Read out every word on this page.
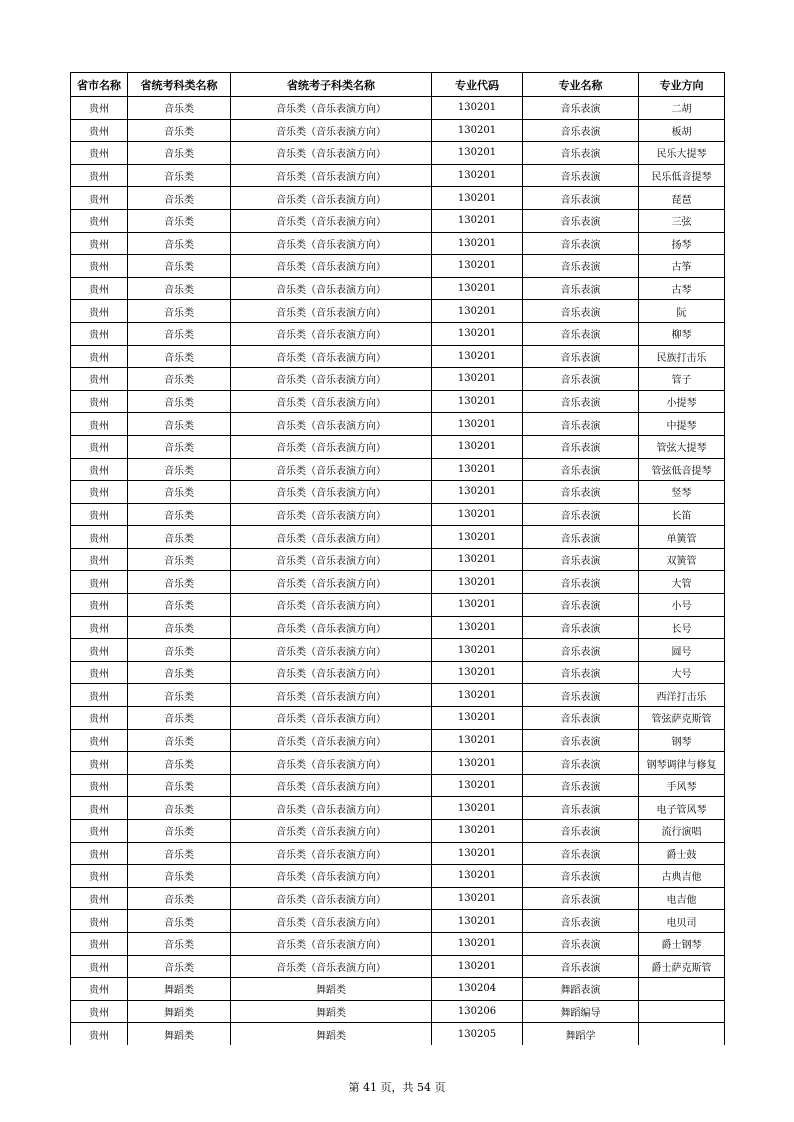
省市名称	省统考科类名称	省统考子科类名称	专业代码	专业名称	专业方向
贵州	音乐类	音乐类（音乐表演方向）	130201	音乐表演	二胡
贵州	音乐类	音乐类（音乐表演方向）	130201	音乐表演	板胡
贵州	音乐类	音乐类（音乐表演方向）	130201	音乐表演	民乐大提琴
贵州	音乐类	音乐类（音乐表演方向）	130201	音乐表演	民乐低音提琴
贵州	音乐类	音乐类（音乐表演方向）	130201	音乐表演	琵琶
贵州	音乐类	音乐类（音乐表演方向）	130201	音乐表演	三弦
贵州	音乐类	音乐类（音乐表演方向）	130201	音乐表演	扬琴
贵州	音乐类	音乐类（音乐表演方向）	130201	音乐表演	古筝
贵州	音乐类	音乐类（音乐表演方向）	130201	音乐表演	古琴
贵州	音乐类	音乐类（音乐表演方向）	130201	音乐表演	阮
贵州	音乐类	音乐类（音乐表演方向）	130201	音乐表演	柳琴
贵州	音乐类	音乐类（音乐表演方向）	130201	音乐表演	民族打击乐
贵州	音乐类	音乐类（音乐表演方向）	130201	音乐表演	管子
贵州	音乐类	音乐类（音乐表演方向）	130201	音乐表演	小提琴
贵州	音乐类	音乐类（音乐表演方向）	130201	音乐表演	中提琴
贵州	音乐类	音乐类（音乐表演方向）	130201	音乐表演	管弦大提琴
贵州	音乐类	音乐类（音乐表演方向）	130201	音乐表演	管弦低音提琴
贵州	音乐类	音乐类（音乐表演方向）	130201	音乐表演	竖琴
贵州	音乐类	音乐类（音乐表演方向）	130201	音乐表演	长笛
贵州	音乐类	音乐类（音乐表演方向）	130201	音乐表演	单簧管
贵州	音乐类	音乐类（音乐表演方向）	130201	音乐表演	双簧管
贵州	音乐类	音乐类（音乐表演方向）	130201	音乐表演	大管
贵州	音乐类	音乐类（音乐表演方向）	130201	音乐表演	小号
贵州	音乐类	音乐类（音乐表演方向）	130201	音乐表演	长号
贵州	音乐类	音乐类（音乐表演方向）	130201	音乐表演	圆号
贵州	音乐类	音乐类（音乐表演方向）	130201	音乐表演	大号
贵州	音乐类	音乐类（音乐表演方向）	130201	音乐表演	西洋打击乐
贵州	音乐类	音乐类（音乐表演方向）	130201	音乐表演	管弦萨克斯管
贵州	音乐类	音乐类（音乐表演方向）	130201	音乐表演	钢琴
贵州	音乐类	音乐类（音乐表演方向）	130201	音乐表演	钢琴调律与修复
贵州	音乐类	音乐类（音乐表演方向）	130201	音乐表演	手风琴
贵州	音乐类	音乐类（音乐表演方向）	130201	音乐表演	电子管风琴
贵州	音乐类	音乐类（音乐表演方向）	130201	音乐表演	流行演唱
贵州	音乐类	音乐类（音乐表演方向）	130201	音乐表演	爵士鼓
贵州	音乐类	音乐类（音乐表演方向）	130201	音乐表演	古典吉他
贵州	音乐类	音乐类（音乐表演方向）	130201	音乐表演	电吉他
贵州	音乐类	音乐类（音乐表演方向）	130201	音乐表演	电贝司
贵州	音乐类	音乐类（音乐表演方向）	130201	音乐表演	爵士钢琴
贵州	音乐类	音乐类（音乐表演方向）	130201	音乐表演	爵士萨克斯管
贵州	舞蹈类	舞蹈类	130204	舞蹈表演	
贵州	舞蹈类	舞蹈类	130206	舞蹈编导	
贵州	舞蹈类	舞蹈类	130205	舞蹈学	
第 41 页，共 54 页
